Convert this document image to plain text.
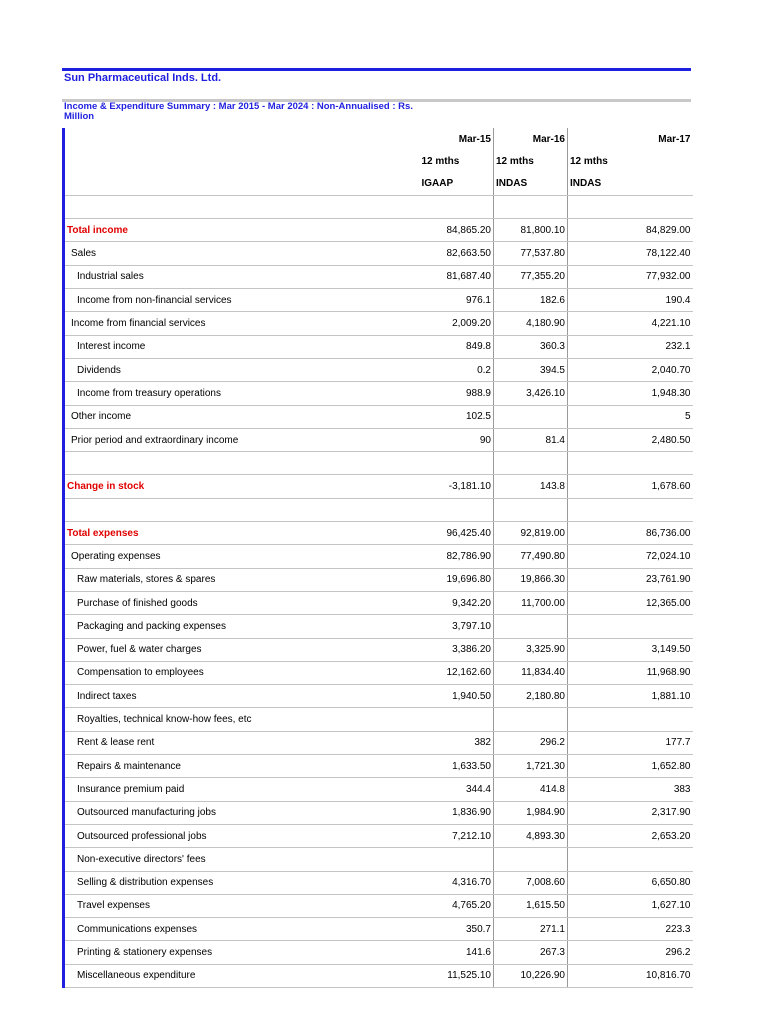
Sun Pharmaceutical Inds. Ltd.
Income & Expenditure Summary : Mar 2015 - Mar 2024 : Non-Annualised : Rs. Million
	Mar-15	Mar-16	Mar-17
	12 mths	12 mths	12 mths
	IGAAP	INDAS	INDAS

Total income	84,865.20	81,800.10	84,829.00
Sales	82,663.50	77,537.80	78,122.40
Industrial sales	81,687.40	77,355.20	77,932.00
Income from non-financial services	976.1	182.6	190.4
Income from financial services	2,009.20	4,180.90	4,221.10
Interest income	849.8	360.3	232.1
Dividends	0.2	394.5	2,040.70
Income from treasury operations	988.9	3,426.10	1,948.30
Other income	102.5		5
Prior period and extraordinary income	90	81.4	2,480.50

Change in stock	-3,181.10	143.8	1,678.60

Total expenses	96,425.40	92,819.00	86,736.00
Operating expenses	82,786.90	77,490.80	72,024.10
Raw materials, stores & spares	19,696.80	19,866.30	23,761.90
Purchase of finished goods	9,342.20	11,700.00	12,365.00
Packaging and packing expenses	3,797.10		
Power, fuel & water charges	3,386.20	3,325.90	3,149.50
Compensation to employees	12,162.60	11,834.40	11,968.90
Indirect taxes	1,940.50	2,180.80	1,881.10
Royalties, technical know-how fees, etc			
Rent & lease rent	382	296.2	177.7
Repairs & maintenance	1,633.50	1,721.30	1,652.80
Insurance premium paid	344.4	414.8	383
Outsourced manufacturing jobs	1,836.90	1,984.90	2,317.90
Outsourced professional jobs	7,212.10	4,893.30	2,653.20
Non-executive directors' fees			
Selling & distribution expenses	4,316.70	7,008.60	6,650.80
Travel expenses	4,765.20	1,615.50	1,627.10
Communications expenses	350.7	271.1	223.3
Printing & stationery expenses	141.6	267.3	296.2
Miscellaneous expenditure	11,525.10	10,226.90	10,816.70
